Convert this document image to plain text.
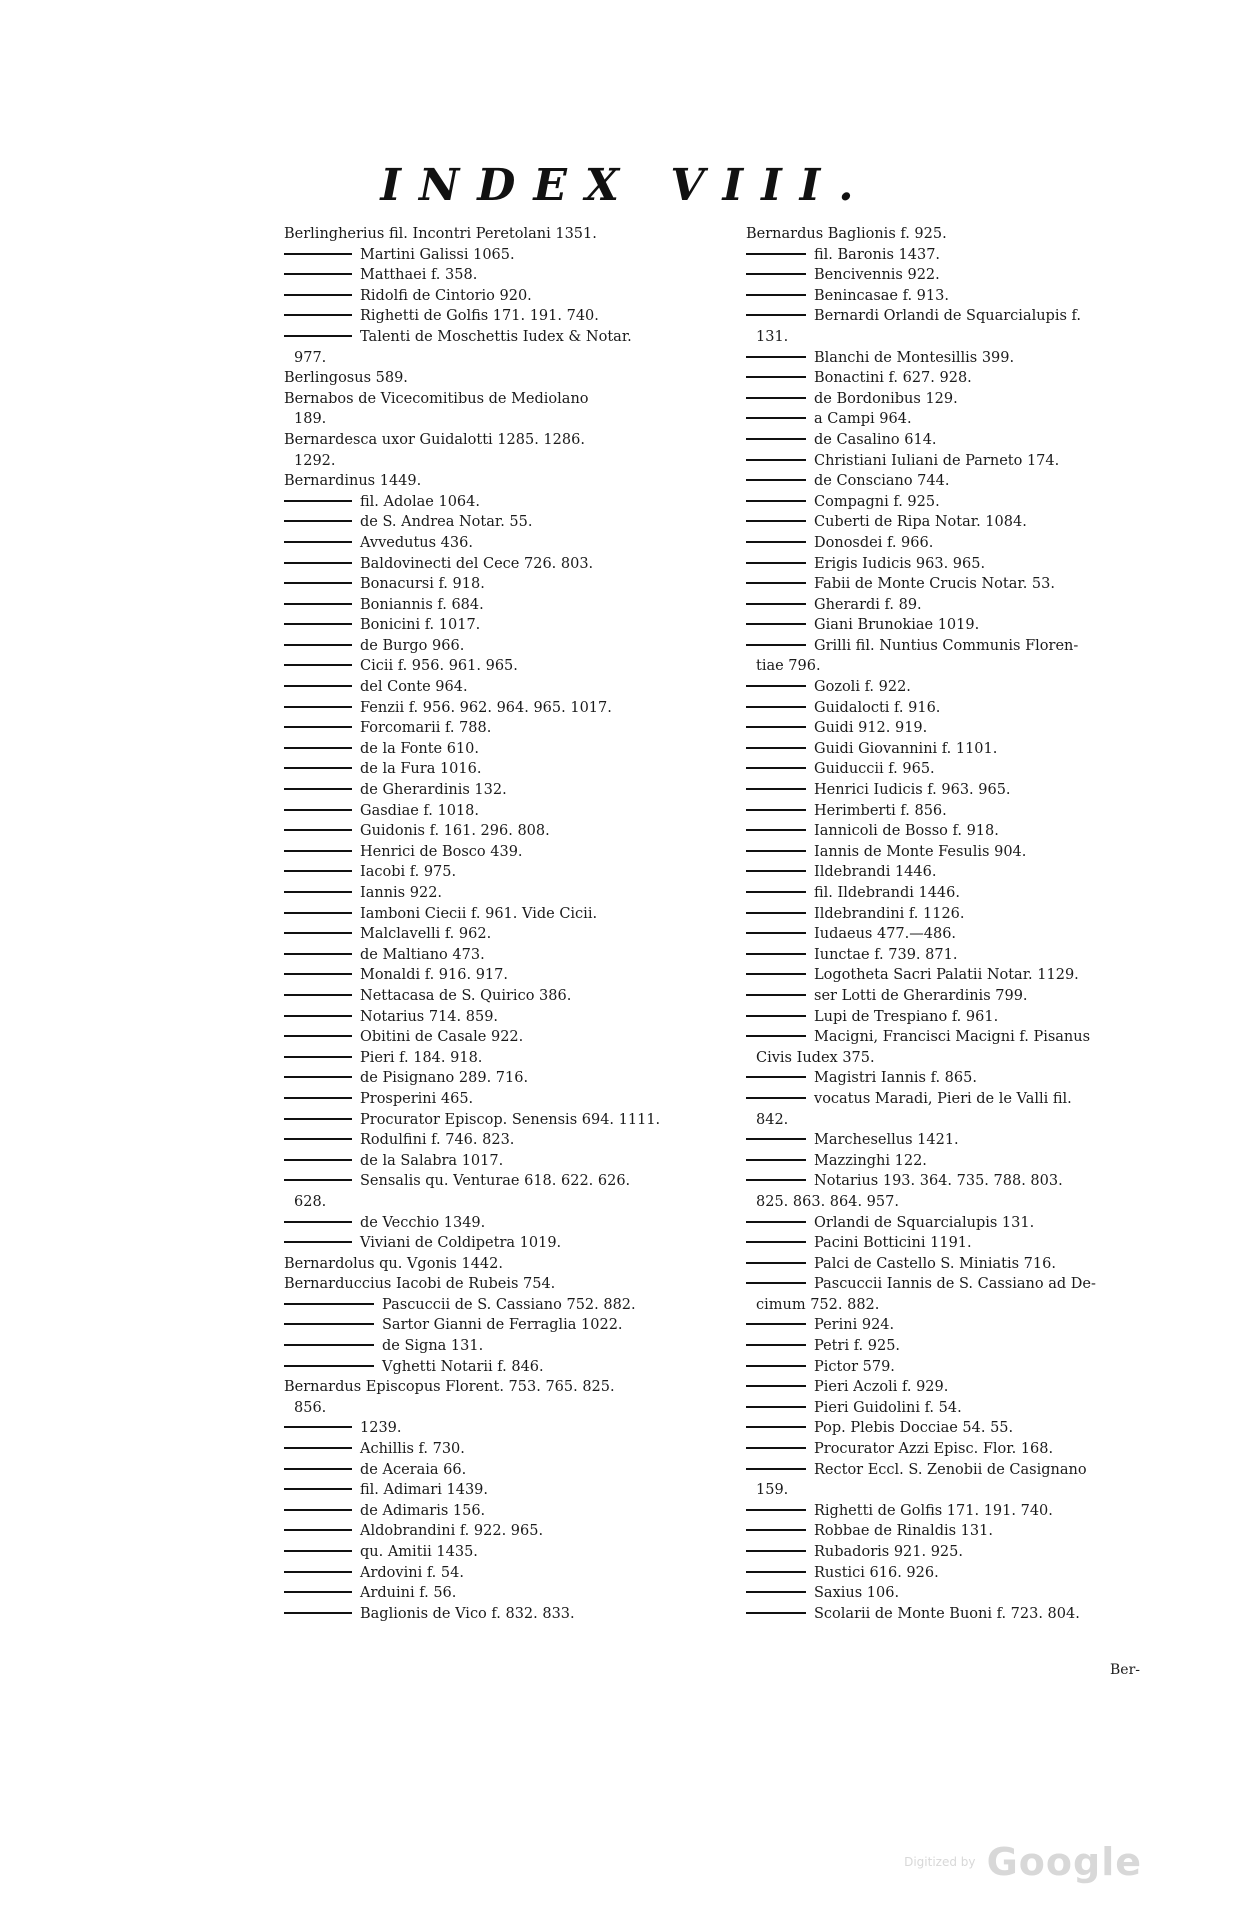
INDEX VIII.
Berlingherius fil. Incontri Peretolani 1351.
Martini Galissi 1065.
Matthaei f. 358.
Ridolfi de Cintorio 920.
Righetti de Golfis 171. 191. 740.
Talenti de Moschettis Iudex & Notar.
977.
Berlingosus 589.
Bernabos de Vicecomitibus de Mediolano
189.
Bernardesca uxor Guidalotti 1285. 1286.
1292.
Bernardinus 1449.
fil. Adolae 1064.
de S. Andrea Notar. 55.
Avvedutus 436.
Baldovinecti del Cece 726. 803.
Bonacursi f. 918.
Boniannis f. 684.
Bonicini f. 1017.
de Burgo 966.
Cicii f. 956. 961. 965.
del Conte 964.
Fenzii f. 956. 962. 964. 965. 1017.
Forcomarii f. 788.
de la Fonte 610.
de la Fura 1016.
de Gherardinis 132.
Gasdiae f. 1018.
Guidonis f. 161. 296. 808.
Henrici de Bosco 439.
Iacobi f. 975.
Iannis 922.
Iamboni Ciecii f. 961. Vide Cicii.
Malclavelli f. 962.
de Maltiano 473.
Monaldi f. 916. 917.
Nettacasa de S. Quirico 386.
Notarius 714. 859.
Obitini de Casale 922.
Pieri f. 184. 918.
de Pisignano 289. 716.
Prosperini 465.
Procurator Episcop. Senensis 694. 1111.
Rodulfini f. 746. 823.
de la Salabra 1017.
Sensalis qu. Venturae 618. 622. 626.
628.
de Vecchio 1349.
Viviani de Coldipetra 1019.
Bernardolus qu. Vgonis 1442.
Bernarduccius Iacobi de Rubeis 754.
Pascuccii de S. Cassiano 752. 882.
Sartor Gianni de Ferraglia 1022.
de Signa 131.
Vghetti Notarii f. 846.
Bernardus Episcopus Florent. 753. 765. 825.
856.
1239.
Achillis f. 730.
de Aceraia 66.
fil. Adimari 1439.
de Adimaris 156.
Aldobrandini f. 922. 965.
qu. Amitii 1435.
Ardovini f. 54.
Arduini f. 56.
Baglionis de Vico f. 832. 833.
Bernardus Baglionis f. 925.
fil. Baronis 1437.
Bencivennis 922.
Benincasae f. 913.
Bernardi Orlandi de Squarcialupis f.
131.
Blanchi de Montesillis 399.
Bonactini f. 627. 928.
de Bordonibus 129.
a Campi 964.
de Casalino 614.
Christiani Iuliani de Parneto 174.
de Consciano 744.
Compagni f. 925.
Cuberti de Ripa Notar. 1084.
Donosdei f. 966.
Erigis Iudicis 963. 965.
Fabii de Monte Crucis Notar. 53.
Gherardi f. 89.
Giani Brunokiae 1019.
Grilli fil. Nuntius Communis Floren-
tiae 796.
Gozoli f. 922.
Guidalocti f. 916.
Guidi 912. 919.
Guidi Giovannini f. 1101.
Guiduccii f. 965.
Henrici Iudicis f. 963. 965.
Herimberti f. 856.
Iannicoli de Bosso f. 918.
Iannis de Monte Fesulis 904.
Ildebrandi 1446.
fil. Ildebrandi 1446.
Ildebrandini f. 1126.
Iudaeus 477.—486.
Iunctae f. 739. 871.
Logotheta Sacri Palatii Notar. 1129.
ser Lotti de Gherardinis 799.
Lupi de Trespiano f. 961.
Macigni, Francisci Macigni f. Pisanus
Civis Iudex 375.
Magistri Iannis f. 865.
vocatus Maradi, Pieri de le Valli fil.
842.
Marchesellus 1421.
Mazzinghi 122.
Notarius 193. 364. 735. 788. 803.
825. 863. 864. 957.
Orlandi de Squarcialupis 131.
Pacini Botticini 1191.
Palci de Castello S. Miniatis 716.
Pascuccii Iannis de S. Cassiano ad De-
cimum 752. 882.
Perini 924.
Petri f. 925.
Pictor 579.
Pieri Aczoli f. 929.
Pieri Guidolini f. 54.
Pop. Plebis Docciae 54. 55.
Procurator Azzi Episc. Flor. 168.
Rector Eccl. S. Zenobii de Casignano
159.
Righetti de Golfis 171. 191. 740.
Robbae de Rinaldis 131.
Rubadoris 921. 925.
Rustici 616. 926.
Saxius 106.
Scolarii de Monte Buoni f. 723. 804.
Ber-
Digitized by Google
